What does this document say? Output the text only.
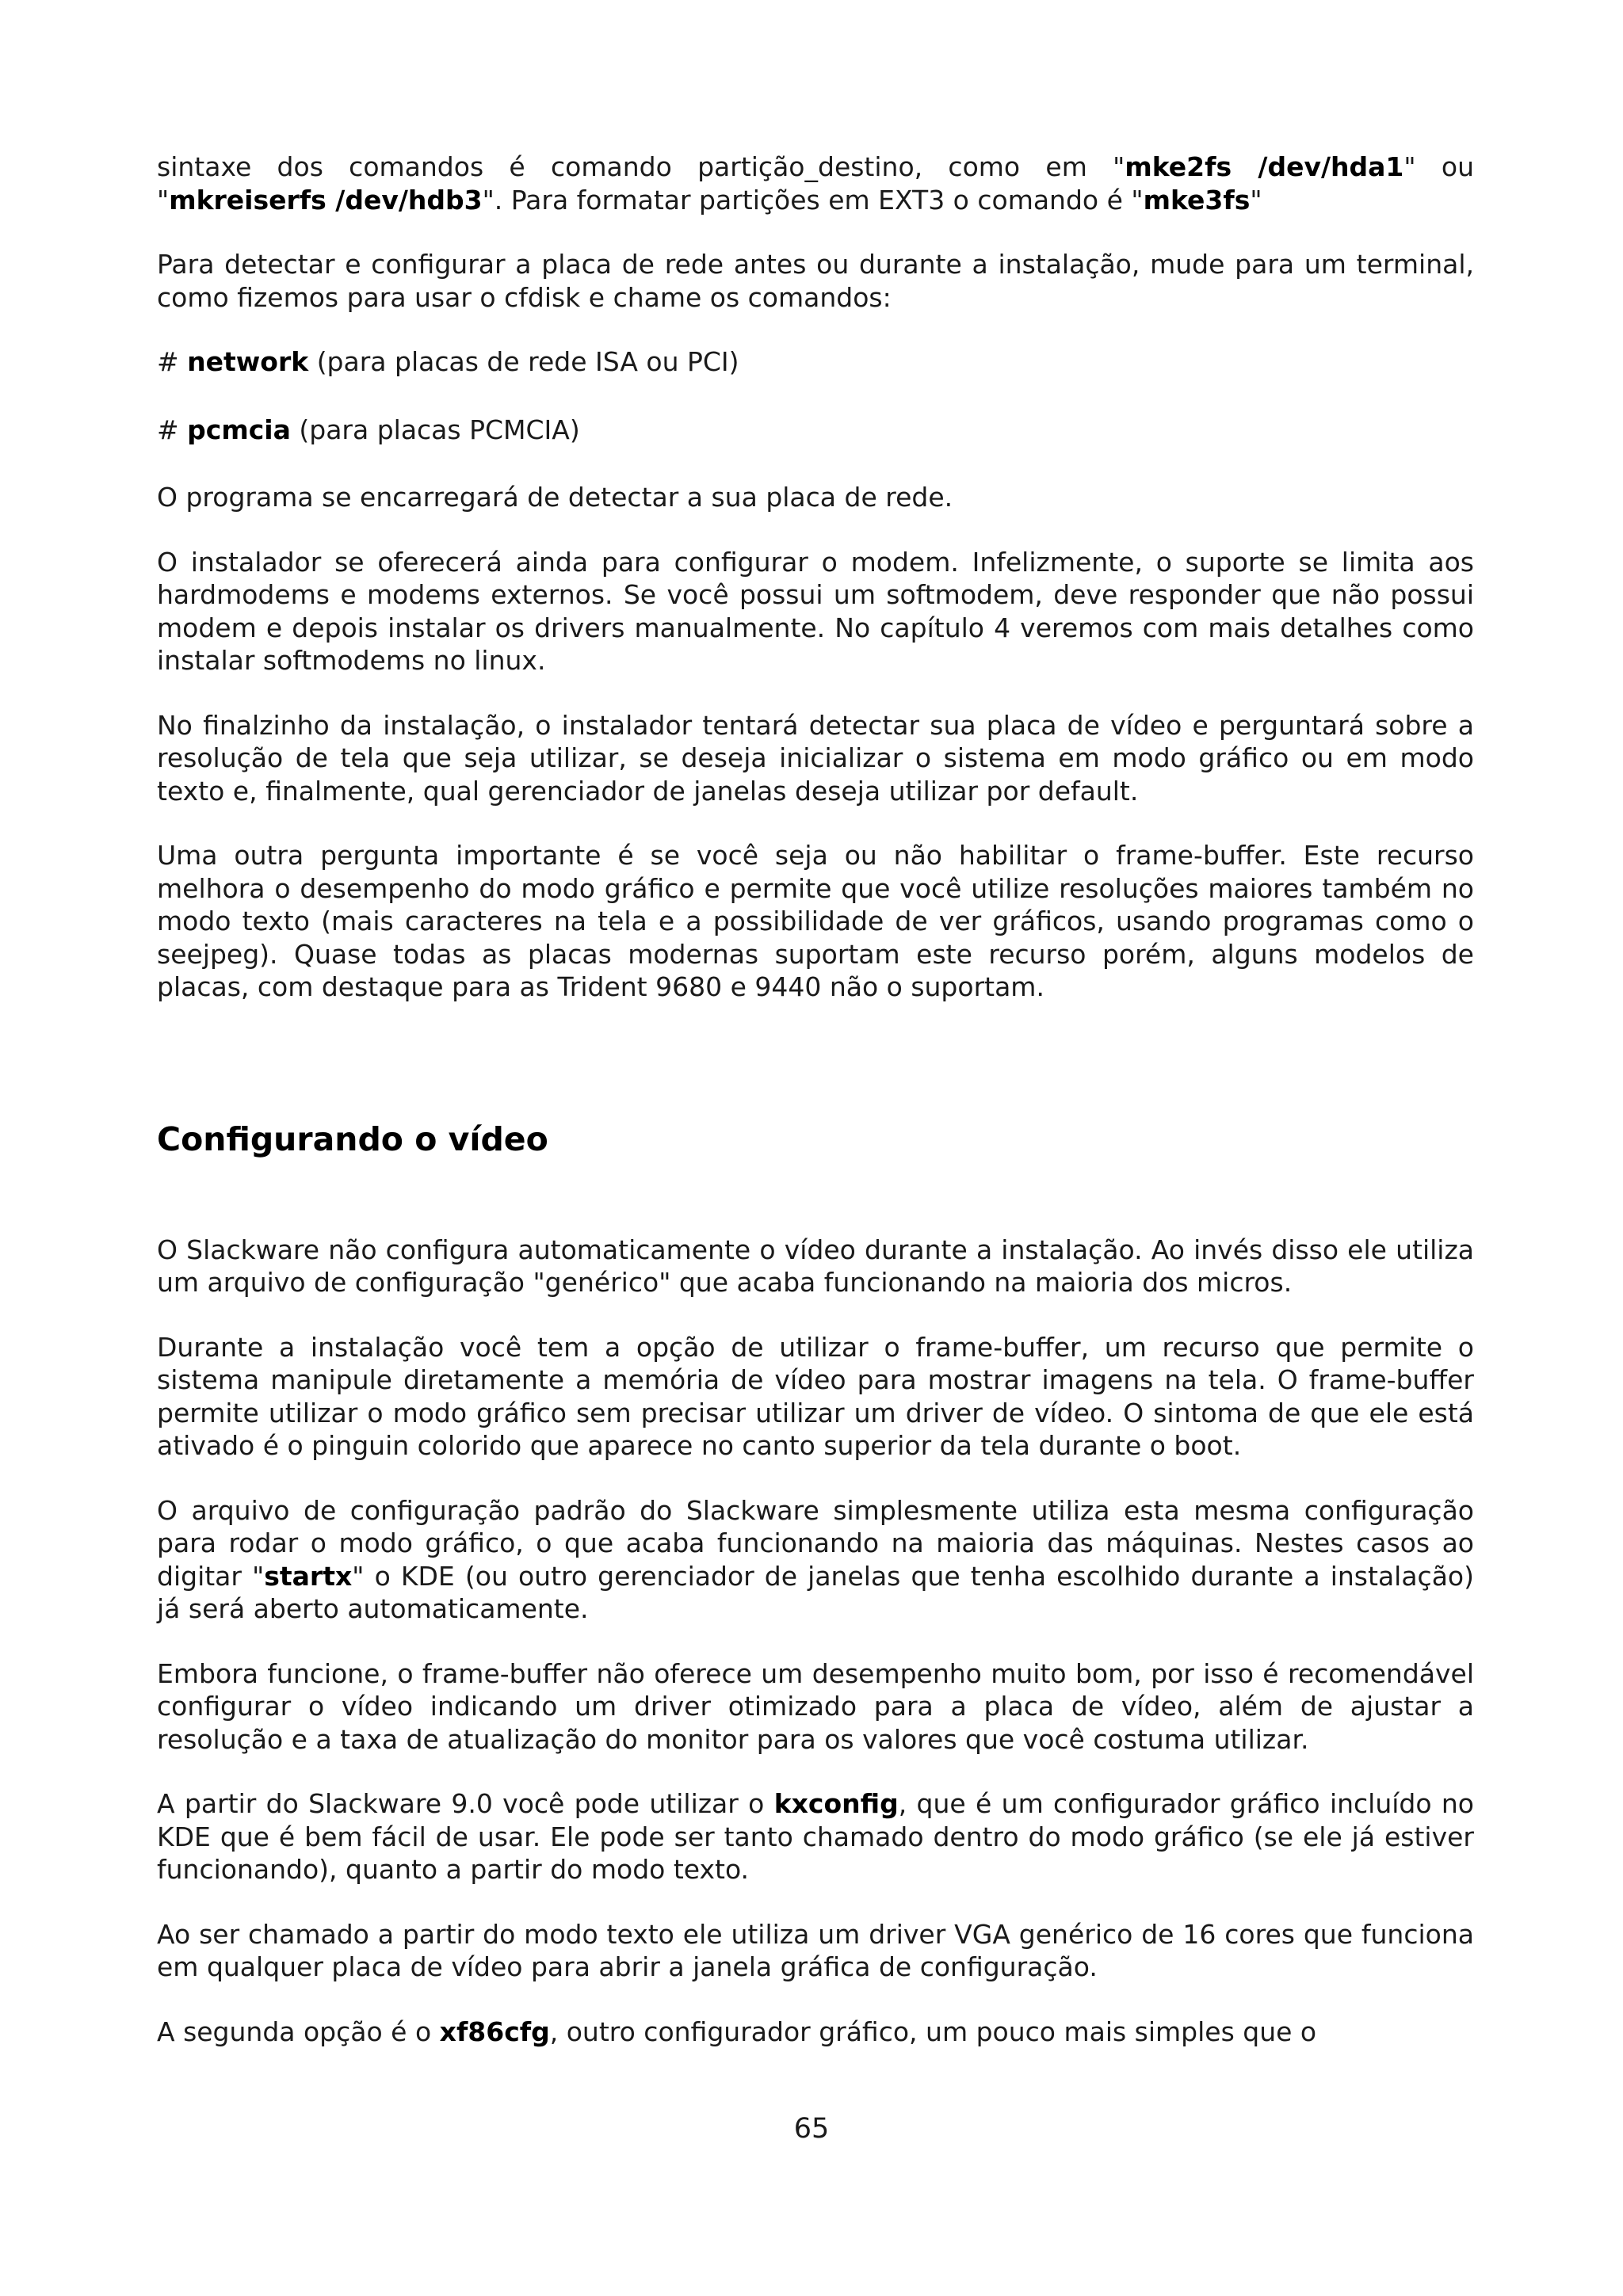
sintaxe dos comandos é comando partição_destino, como em "mke2fs /dev/hda1" ou "mkreiserfs /dev/hdb3". Para formatar partições em EXT3 o comando é "mke3fs"

Para detectar e configurar a placa de rede antes ou durante a instalação, mude para um terminal, como fizemos para usar o cfdisk e chame os comandos:

# network (para placas de rede ISA ou PCI)

# pcmcia (para placas PCMCIA)

O programa se encarregará de detectar a sua placa de rede.

O instalador se oferecerá ainda para configurar o modem. Infelizmente, o suporte se limita aos hardmodems e modems externos. Se você possui um softmodem, deve responder que não possui modem e depois instalar os drivers manualmente. No capítulo 4 veremos com mais detalhes como instalar softmodems no linux.

No finalzinho da instalação, o instalador tentará detectar sua placa de vídeo e perguntará sobre a resolução de tela que seja utilizar, se deseja inicializar o sistema em modo gráfico ou em modo texto e, finalmente, qual gerenciador de janelas deseja utilizar por default.

Uma outra pergunta importante é se você seja ou não habilitar o frame-buffer. Este recurso melhora o desempenho do modo gráfico e permite que você utilize resoluções maiores também no modo texto (mais caracteres na tela e a possibilidade de ver gráficos, usando programas como o seejpeg). Quase todas as placas modernas suportam este recurso porém, alguns modelos de placas, com destaque para as Trident 9680 e 9440 não o suportam.

Configurando o vídeo

O Slackware não configura automaticamente o vídeo durante a instalação. Ao invés disso ele utiliza um arquivo de configuração "genérico" que acaba funcionando na maioria dos micros.

Durante a instalação você tem a opção de utilizar o frame-buffer, um recurso que permite o sistema manipule diretamente a memória de vídeo para mostrar imagens na tela. O frame-buffer permite utilizar o modo gráfico sem precisar utilizar um driver de vídeo. O sintoma de que ele está ativado é o pinguin colorido que aparece no canto superior da tela durante o boot.

O arquivo de configuração padrão do Slackware simplesmente utiliza esta mesma configuração para rodar o modo gráfico, o que acaba funcionando na maioria das máquinas. Nestes casos ao digitar "startx" o KDE (ou outro gerenciador de janelas que tenha escolhido durante a instalação) já será aberto automaticamente.

Embora funcione, o frame-buffer não oferece um desempenho muito bom, por isso é recomendável configurar o vídeo indicando um driver otimizado para a placa de vídeo, além de ajustar a resolução e a taxa de atualização do monitor para os valores que você costuma utilizar.

A partir do Slackware 9.0 você pode utilizar o kxconfig, que é um configurador gráfico incluído no KDE que é bem fácil de usar. Ele pode ser tanto chamado dentro do modo gráfico (se ele já estiver funcionando), quanto a partir do modo texto.

Ao ser chamado a partir do modo texto ele utiliza um driver VGA genérico de 16 cores que funciona em qualquer placa de vídeo para abrir a janela gráfica de configuração.

A segunda opção é o xf86cfg, outro configurador gráfico, um pouco mais simples que o

65
